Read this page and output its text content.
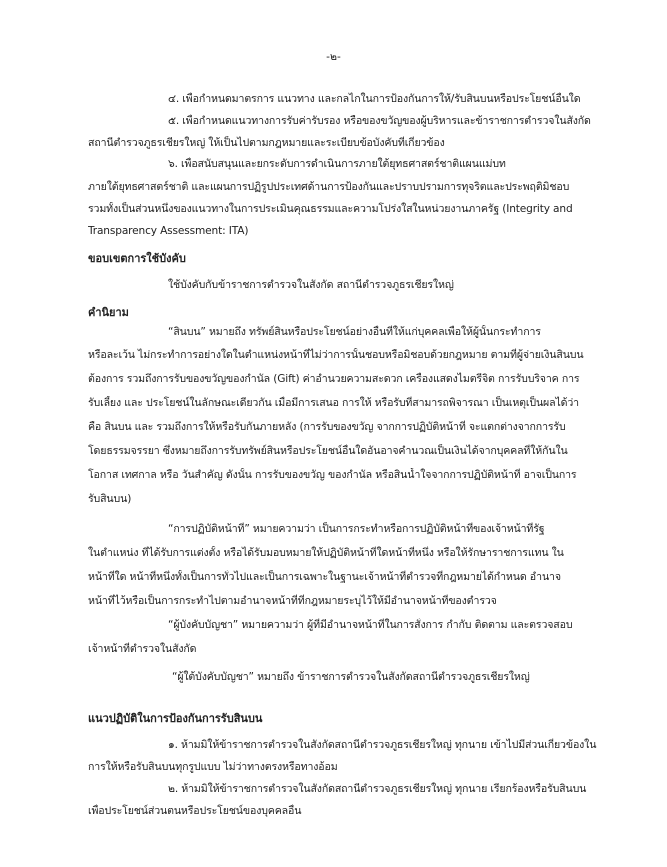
-๒-
๔. เพื่อกำหนดมาตรการ แนวทาง และกลไกในการป้องกันการให้/รับสินบนหรือประโยชน์อื่นใด
๕. เพื่อกำหนดแนวทางการรับค่ารับรอง หรือของขวัญของผู้บริหารและข้าราชการตำรวจในสังกัด
สถานีตำรวจภูธรเชียรใหญ่ ให้เป็นไปตามกฎหมายและระเบียบข้อบังคับที่เกี่ยวข้อง
๖. เพื่อสนับสนุนและยกระดับการดำเนินการภายใต้ยุทธศาสตร์ชาติแผนแม่บท
ภายใต้ยุทธศาสตร์ชาติ และแผนการปฏิรูปประเทศด้านการป้องกันและปราบปรามการทุจริตและประพฤติมิชอบ
รวมทั้งเป็นส่วนหนึ่งของแนวทางในการประเมินคุณธรรมและความโปร่งใสในหน่วยงานภาครัฐ (Integrity and
Transparency Assessment: ITA)
ขอบเขตการใช้บังคับ
ใช้บังคับกับข้าราชการตำรวจในสังกัด สถานีตำรวจภูธรเชียรใหญ่
คำนิยาม
“สินบน” หมายถึง ทรัพย์สินหรือประโยชน์อย่างอื่นที่ให้แก่บุคคลเพื่อให้ผู้นั้นกระทำการ
หรือละเว้น ไม่กระทำการอย่างใดในตำแหน่งหน้าที่ไม่ว่าการนั้นชอบหรือมิชอบด้วยกฎหมาย ตามที่ผู้จ่ายเงินสินบน
ต้องการ รวมถึงการรับของขวัญของกำนัล (Gift) ค่าอำนวยความสะดวก เครื่องแสดงไมตรีจิต การรับบริจาค การ
รับเลี้ยง และ ประโยชน์ในลักษณะเดียวกัน เมื่อมีการเสนอ การให้ หรือรับที่สามารถพิจารณา เป็นเหตุเป็นผลได้ว่า
คือ สินบน และ รวมถึงการให้หรือรับกันภายหลัง (การรับของขวัญ จากการปฏิบัติหน้าที่ จะแตกต่างจากการรับ
โดยธรรมจรรยา ซึ่งหมายถึงการรับทรัพย์สินหรือประโยชน์อื่นใดอันอาจคำนวณเป็นเงินได้จากบุคคลที่ให้กันใน
โอกาส เทศกาล หรือ วันสำคัญ ดังนั้น การรับของขวัญ ของกำนัล หรือสินน้ำใจจากการปฏิบัติหน้าที่ อาจเป็นการ
รับสินบน)
“การปฏิบัติหน้าที่” หมายความว่า เป็นการกระทำหรือการปฏิบัติหน้าที่ของเจ้าหน้าที่รัฐ
ในตำแหน่ง ที่ได้รับการแต่งตั้ง หรือได้รับมอบหมายให้ปฏิบัติหน้าที่ใดหน้าที่หนึ่ง หรือให้รักษาราชการแทน ใน
หน้าที่ใด หน้าที่หนึ่งทั้งเป็นการทั่วไปและเป็นการเฉพาะในฐานะเจ้าหน้าที่ตำรวจที่กฎหมายได้กำหนด อำนาจ
หน้าที่ไว้หรือเป็นการกระทำไปตามอำนาจหน้าที่ที่กฎหมายระบุไว้ให้มีอำนาจหน้าที่ของตำรวจ
“ผู้บังคับบัญชา” หมายความว่า ผู้ที่มีอำนาจหน้าที่ในการสั่งการ กำกับ ติดตาม และตรวจสอบ
เจ้าหน้าที่ตำรวจในสังกัด
“ผู้ใต้บังคับบัญชา” หมายถึง ข้าราชการตำรวจในสังกัดสถานีตำรวจภูธรเชียรใหญ่
แนวปฏิบัติในการป้องกันการรับสินบน
๑. ห้ามมิให้ข้าราชการตำรวจในสังกัดสถานีตำรวจภูธรเชียรใหญ่ ทุกนาย เข้าไปมีส่วนเกี่ยวข้องใน
การให้หรือรับสินบนทุกรูปแบบ ไม่ว่าทางตรงหรือทางอ้อม
๒. ห้ามมิให้ข้าราชการตำรวจในสังกัดสถานีตำรวจภูธรเชียรใหญ่ ทุกนาย เรียกร้องหรือรับสินบน
เพื่อประโยชน์ส่วนตนหรือประโยชน์ของบุคคลอื่น
